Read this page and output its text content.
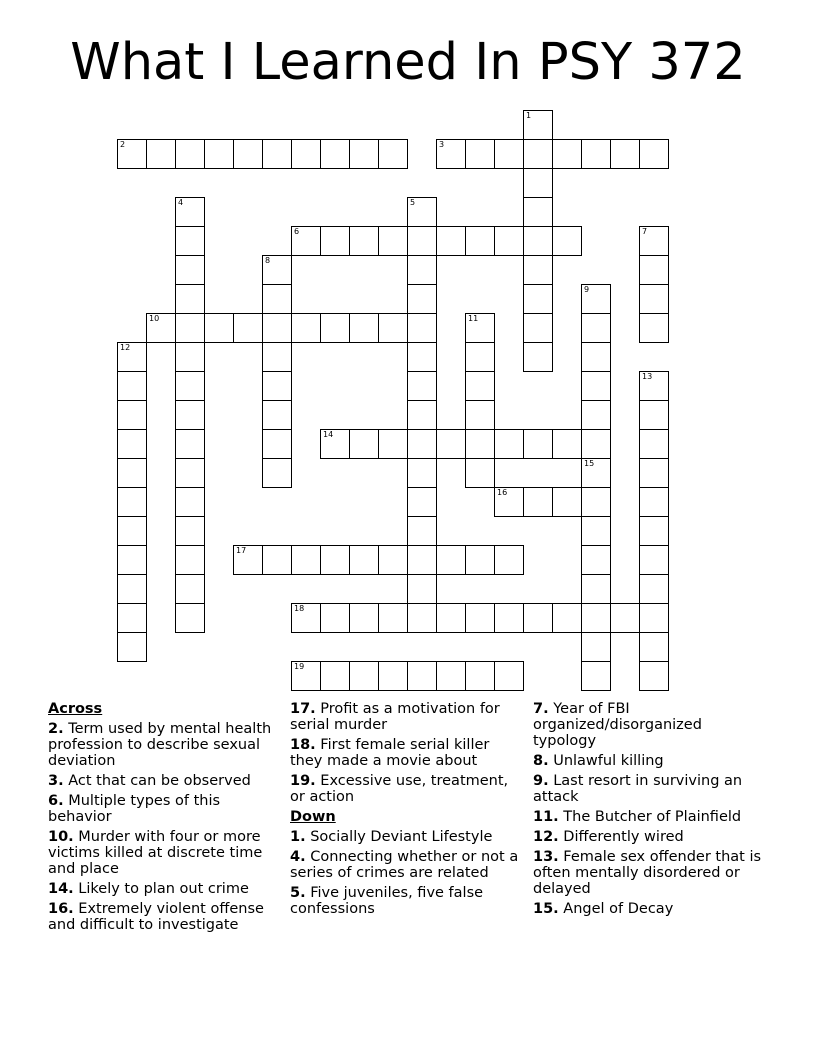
What I Learned In PSY 372
1
2	3
4	5
6	7
8
9
10	11
12
13
14
15
16
17
18
19
Across
2. Term used by mental health profession to describe sexual deviation
3. Act that can be observed
6. Multiple types of this behavior
10. Murder with four or more victims killed at discrete time and place
14. Likely to plan out crime
16. Extremely violent offense and difficult to investigate
17. Profit as a motivation for serial murder
18. First female serial killer they made a movie about
19. Excessive use, treatment, or action
Down
1. Socially Deviant Lifestyle
4. Connecting whether or not a series of crimes are related
5. Five juveniles, five false confessions
7. Year of FBI organized/disorganized typology
8. Unlawful killing
9. Last resort in surviving an attack
11. The Butcher of Plainfield
12. Differently wired
13. Female sex offender that is often mentally disordered or delayed
15. Angel of Decay
